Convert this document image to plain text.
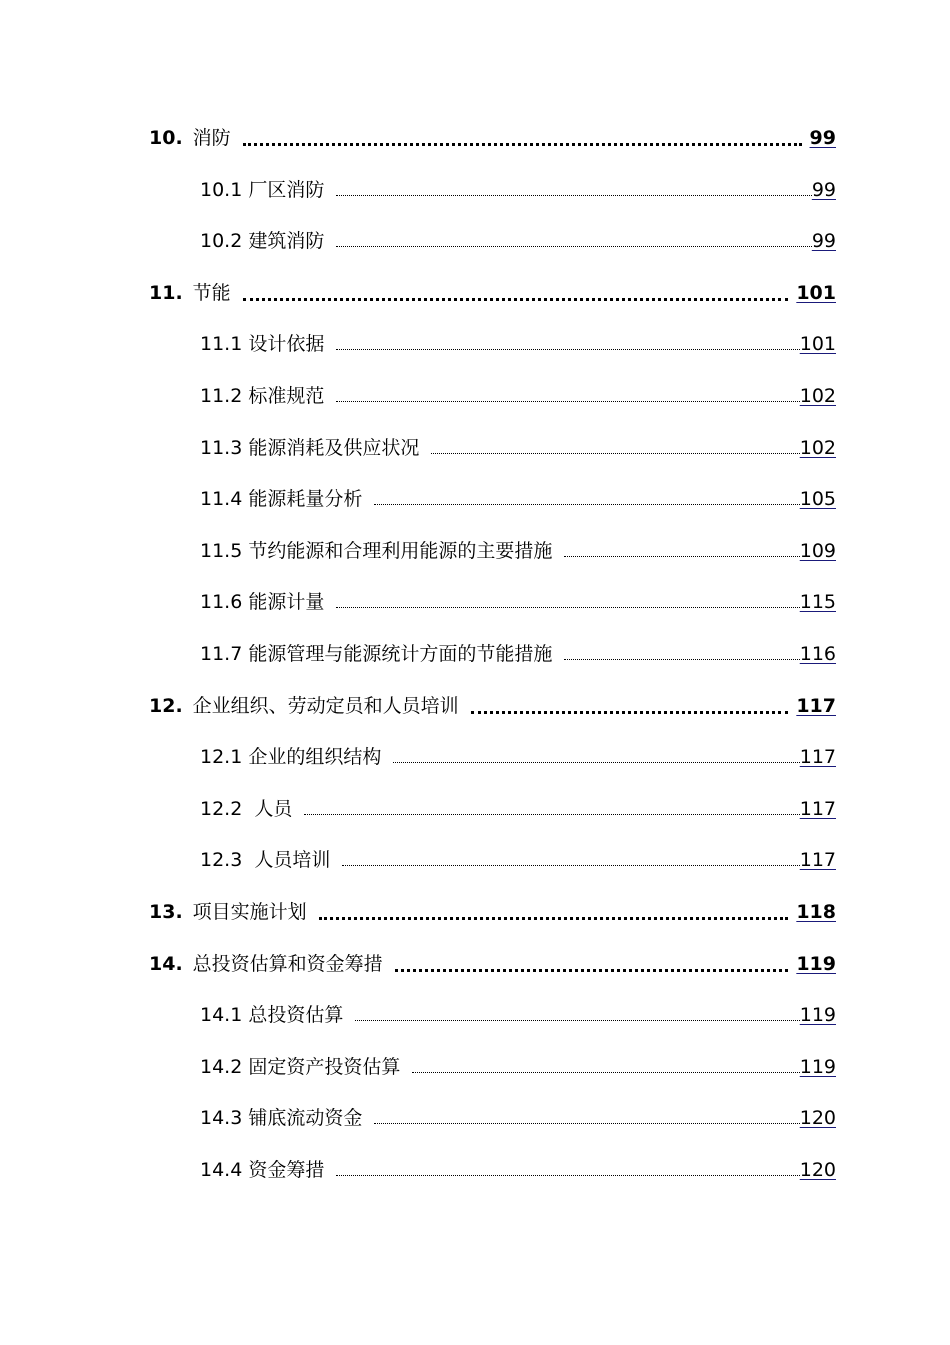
10. 消防	99
10.1 厂区消防	99
10.2 建筑消防	99
11. 节能	101
11.1 设计依据	101
11.2 标准规范	102
11.3 能源消耗及供应状况	102
11.4 能源耗量分析	105
11.5 节约能源和合理利用能源的主要措施	109
11.6 能源计量	115
11.7 能源管理与能源统计方面的节能措施	116
12. 企业组织、劳动定员和人员培训	117
12.1 企业的组织结构	117
12.2 人员	117
12.3 人员培训	117
13. 项目实施计划	118
14. 总投资估算和资金筹措	119
14.1 总投资估算	119
14.2 固定资产投资估算	119
14.3 铺底流动资金	120
14.4 资金筹措	120
